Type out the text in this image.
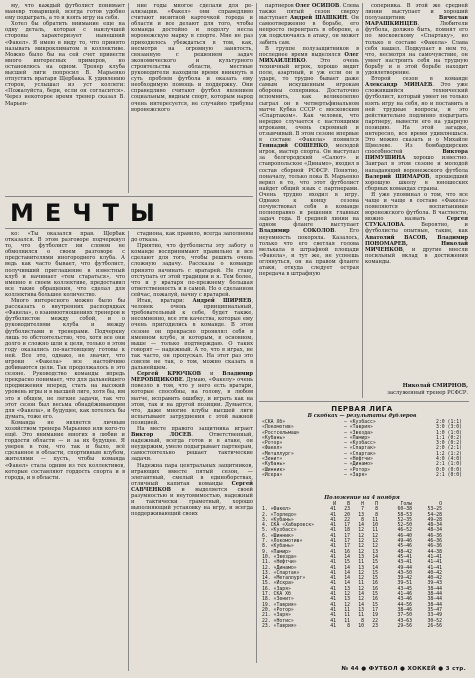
му, что каждый футболист понимает маневр товарищей, всегда готов удобно ему подыграть, а то и взять игру на себя.

Хотел бы обратить внимание еще на одну деталь, которая с наилучшей стороны характеризует нынешний «Факел». Я имею в виду то, что принято называть микроклиматом в коллективе. Можно было бы на сей счет привести много интересных примеров, но остановлюсь на одном. Тренер клуба высшей лиги попросил В. Марьенко отпустить вратаря Щербака. К удивлению сторон, услышал из уст коллеги: «Пожалуйста, бери, если он согласится». Через некоторое время тренер сказал В. Марьен-

ние годы многое сделали для ре-ализации. «Факел» они справедливо считают визитной карточкой города и области и все делают для того, чтобы команда достойно и подолгу несла воронежскую марку в спорте. Мне не раз приходилось убеждаться в том, как, несмотря на огромную занятость, связанную с решением задач экономического и культурного строительства области, местные руководители находили время вникнуть в суть проблем футбола и оказать ему необходимую помощь и поддержку. Они справедливо считают футбол явлением социальным, видным спорт, которым народ очень интересуется, не случайно трибуны воронежского

партнеров Олег ОСИПОВ. Слева также пятый сезон сверху выступает Андрей ШАШКИН. Он самоотверженно в борьбе, его непросто переиграть в обороне, а уж подключаясь в атаку, он может забить сам.

В группе полузащитников в последнее время выделялся Олег МИХАИЛЕНКО. Это очень техничный игрок, хорошо видит поле, азартный, и уж если он в ударе, то трудно бывает даже самым искушенным игрокам обороны соперника. Достаточно вспомнить, как великолепно сыграл он в четвертьфинальном матче Кубка СССР с московским «Спартаком». Как человек, что нередко случается с настоящими игроками, очень скромный и отзывчивый. В этом сезоне впервые в составе «Факела» появился Геннадий СОШЕНКО, молодой игрок, мастер спорта. Он выступал за белгородский «Салют» и ставропольское «Динамо», входил в состав сборной РСФСР. Понятно, поначалу, только пока В. Марьенко верил в то, что этот футболист найдет общий язык с партнерами. Очень трудно входил в игру. Однако к концу сезона почувствовал себя в команде полноправно и решения главных задач года. В средней линии на одном фланге выступает Владимир СОКОЛОВ. Его неуемность покоряла. Казалось, только что его светлая голова мелькала в штрафной площади «Факела», и тут же, не успеешь оглянуться, он на правом фланге атаки, откуда следует острая передача в штрафную

соперника. В этой же средней линии выступает и хороший полузащитник Вячеслав МАРАШКИНЦЕВ. Любители футбола, должно быть, помнят его по московскому «Спартаку», но только в составе «Факела» Слава себя нашел. Подкупает в нем то, что, несмотря на самочувствие, он умеет настроить себя на трудную борьбу и в этой борьбе находит удовлетворение.

Второй сезон в команде Александр МИНАЕВ. Это уже сложившийся технический футболист, который умеет не только взять игру на себя, но и поставить в ней трудные вопросы, и это действительно подлинно подыграть партнеру, вывести его на ударную позицию. На этой загадке, интересно, все время удивляешься. Это можно сказать и о Михайле Щмелеве. Из бомбардирских способностей Виктора ПИМУШИНА хорошо известно. Заиграл в этом сезоне и молодой нападающий воронежского футбола Валерий ШИМАРОВ, прошедший хорошую школу в юношеских сборных командах страны.

Я уже упоминал о том, что все чаще и чаще в составе «Факела» появляются воспитанники воронежского футбола. В частности, можно назвать Сергея СТУКАЛОВА. Вероятно, и футболисты опытные, такие, как Анатолий ВАСОВ, Владимир ПОНОМАРЕВ, Николай МИЧЕНКОВ, и другие внесли посильный вклад в достижения команды.

Николай СМИРНОВ,
заслуженный тренер РСФСР.
МЕЧТЫ

ко: «Ты оказался прав. Щербак отказался. В этом разговоре подчеркнул то, что футболист ни словом не обмолвился о своем разговоре с представителями иногороднего клуба. А ведь как часто бывает, что футболист, получивший приглашение в известный клуб и начинает «тем стараться», что именно в своем коллективе, предоставил все такие обращения, что сделал для коллектива большее количество.

Много интересного можно было бы рассказать о внутренних распорядках «Факела», о взаимоотношениях тренеров и футболистов между собой, и о руководителями клуба и между футболистами и тренерами. Подчеркну лишь то обстоятельство, что, хотя все они долго и сложно шли к цели, только в этом году оказались по-настоящему готовы к ней. Все это, однако, не значит, что игроки «Факела» все настойчиво добиваются цели. Так продолжалось в это сезоне. Руководство команды впредь прекрасно понимает, что для дальнейшего продвижения вперед, стать на высокий уровень игры и в высшей лиге, хотя бы, им это в общем, не легкие задачи, так что этот сезон был весьма обнадёживающим для «Факела», и будущее, как хотелось бы думать, тоже его.

Команда не является личным хозяйством тренера Марьенко или кого-то ещё. Это внимание многих в любви и гордости области — и за их будущее. Я уверен в том, что так и было, всё сделанное в области, спортивным клубом, жителями — пусть, чтобы команда «Факел» стала одним из тех коллективов, которые составляют гордость спорта и в города, и в области.

стадиона, как правило, всегда заполнены до отказа.

Приятно, что футболисты эту заботу о команде воспринимают правильно и все сделают для того, чтобы решить очень сложную задачу. Рассказы о команде принято начинать с вратарей. Не стану отступать от этой традиции и я. Тем более, что и у вратаря по-прежнему большая ответственность и в самой. Но о сделанном сейчас, пожалуй, начну с вратарей.

Итак, вратари: Андрей ШИРЯЕВ, человек очень принципиальный, требовательный к себе, будет также, несомненно, все эти качества, которые ему очень пригодились в команде. В этом сезоне он прекрасно проявлял себя в именном клубе, и которым, в основном, выше — только подтверждаю. О таких говорят — надежный. А то, что в играх, не так часто, он пропускал. На этот раз это совсем не так, о том, можно сказать в дальнейшем.

Сергей КРЮЧКОВ и Владимир МЕРОВЩИКОВЕ. Думаю, «Факелу» очень повезло в том, что у него есть вратари, которые способны, на голову, в любом матче, исправить ошибку, и играть как на этом, так и на другой позиции. Думается, что, даже многие клубы высшей лиги испытывают затруднения с этой важной позицией.

На месте правого защитника играет Виктор ЛОСЕВ. Ответственный, надежный, всегда готов и в атаке, он неудержим, умело подыгрывает партнерам, самостоятельно решает тактические задачи.

Надежна пара центральных защитников, играющих вместе пятый сезон, — элегантный, смелый в единоборствах, отличный капитан команды Сергей САВЧЕНКОВ и выделяется своей разумностью и неутомимостью, надежный и тактически грамотный, хорошо выполняющий установку на игру, и всегда поддерживающий своих

ПЕРВАЯ ЛИГА
В скобках — результаты дублеров
«СКА Хб»	— «Кузбасс»	2:0 (1:1)
«Локомотив»	— «Таврия»	3:0 (3:0)
«Ростсельмаш»	— «Звезда»	1:0 (1:0)
«Кубань»	— «Памир»	1:1 (0:2)
«Ротор»	— «Кузбасс»	3:0 (0:2)
«Факел»	— «Спартак»	2:0 (2:1)
«Металлург»	— «Спартак»	1:2 (1:2)
«Зенит»	— «Нефтчи»	4:0 (4:0)
«Кубань»	— «Динамо»	2:1 (1:0)
«Шинник»	— «Ротор»	0:0 (0:0)
«Искра»	— «Заря»	2:1 (0:0)
Положение на 4 ноября
И	В	Н	П	Голы	О
1. «Факел»	41	23	7	8	60—38	53—25
2. «Торпедо»	41	20	13	8	58—53	54—28
3. «Кубань»	41	22	8	11	52—35	49—28
4. СКА «Хабаровск»	41	17	14	10	52—50	48—34
5. «Кузбасс»	41	18	12	11	46—52	48—34
6. «Шинник»	41	17	12	12	46—40	46—36
7. «Локомотив»	41	17	12	12	49—46	46—36
8. «Кубань»	41	17	12	12	45—46	46—36
9. «Памир»	41	16	12	13	48—42	44—38
10. «Звезда»	41	14	13	14	45—41	41—41
11. «Нефтчи»	41	15	11	15	43—41	41—41
12. «Динамо»	41	14	13	14	49—44	41—41
13. «Спартак»	41	14	12	15	43—50	40—42
14. «Металлург»	41	14	12	15	39—42	40—42
15. «Искра»	41	14	11	16	39—51	39—43
16. «Заря»	41	13	12	16	43—45	38—44
17. СКА Хб	41	12	14	15	41—46	38—44
18. «Зенит»	41	13	12	16	43—46	38—44
19. «Таврия»	41	12	14	15	44—56	38—44
20. «Ротор»	41	11	13	17	38—46	35—47
21. «Заря»	41	11	11	19	37—50	33—49
22. «Нотис»	41	11	8	22	43—63	30—52
23. «Таврия»	41	8	10	23	29—56	26—56
№ 44 ● ФУТБОЛ ● ХОККЕЙ ● 3 стр.
